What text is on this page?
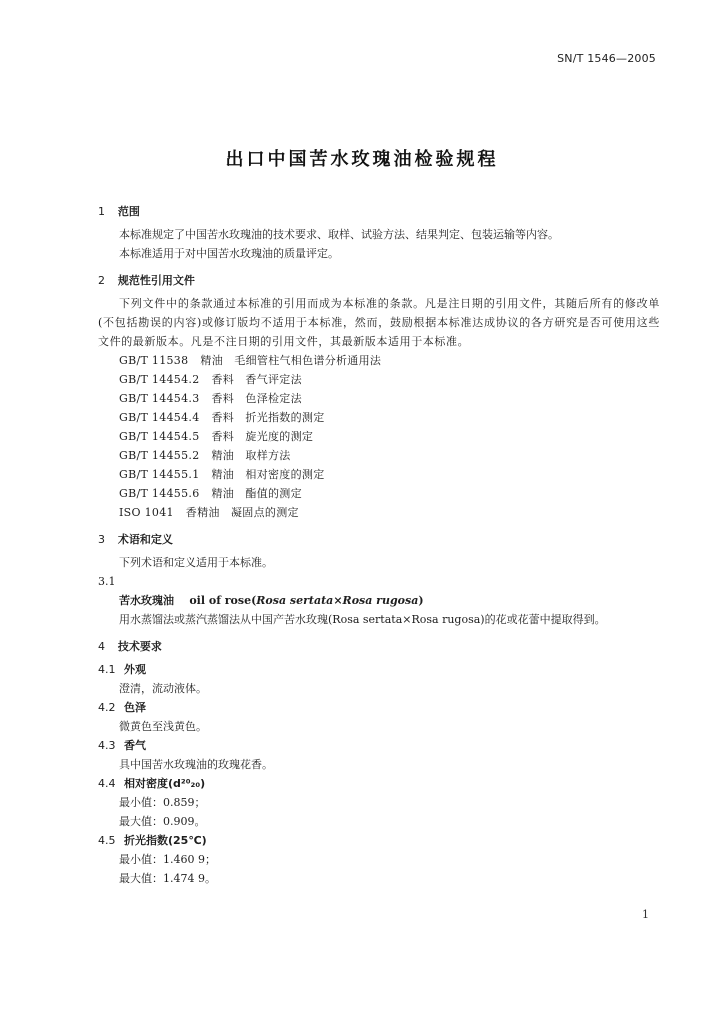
SN/T 1546—2005
出口中国苦水玫瑰油检验规程
1 范围
本标准规定了中国苦水玫瑰油的技术要求、取样、试验方法、结果判定、包装运输等内容。
本标准适用于对中国苦水玫瑰油的质量评定。
2 规范性引用文件
下列文件中的条款通过本标准的引用而成为本标准的条款。凡是注日期的引用文件，其随后所有的修改单(不包括勘误的内容)或修订版均不适用于本标准，然而，鼓励根据本标准达成协议的各方研究是否可使用这些文件的最新版本。凡是不注日期的引用文件，其最新版本适用于本标准。
GB/T 11538 精油　毛细管柱气相色谱分析通用法
GB/T 14454.2 香料　香气评定法
GB/T 14454.3 香料　色泽检定法
GB/T 14454.4 香料　折光指数的测定
GB/T 14454.5 香料　旋光度的测定
GB/T 14455.2 精油　取样方法
GB/T 14455.1 精油　相对密度的测定
GB/T 14455.6 精油　酯值的测定
ISO 1041 香精油　凝固点的测定
3 术语和定义
下列术语和定义适用于本标准。
3.1
苦水玫瑰油 oil of rose(Rosa sertata×Rosa rugosa)
用水蒸馏法或蒸汽蒸馏法从中国产苦水玫瑰(Rosa sertata×Rosa rugosa)的花或花蕾中提取得到。
4 技术要求
4.1 外观
澄清，流动液体。
4.2 色泽
微黄色至浅黄色。
4.3 香气
具中国苦水玫瑰油的玫瑰花香。
4.4 相对密度(d²⁰₂₀)
最小值：0.859；
最大值：0.909。
4.5 折光指数(25℃)
最小值：1.460 9；
最大值：1.474 9。
1
